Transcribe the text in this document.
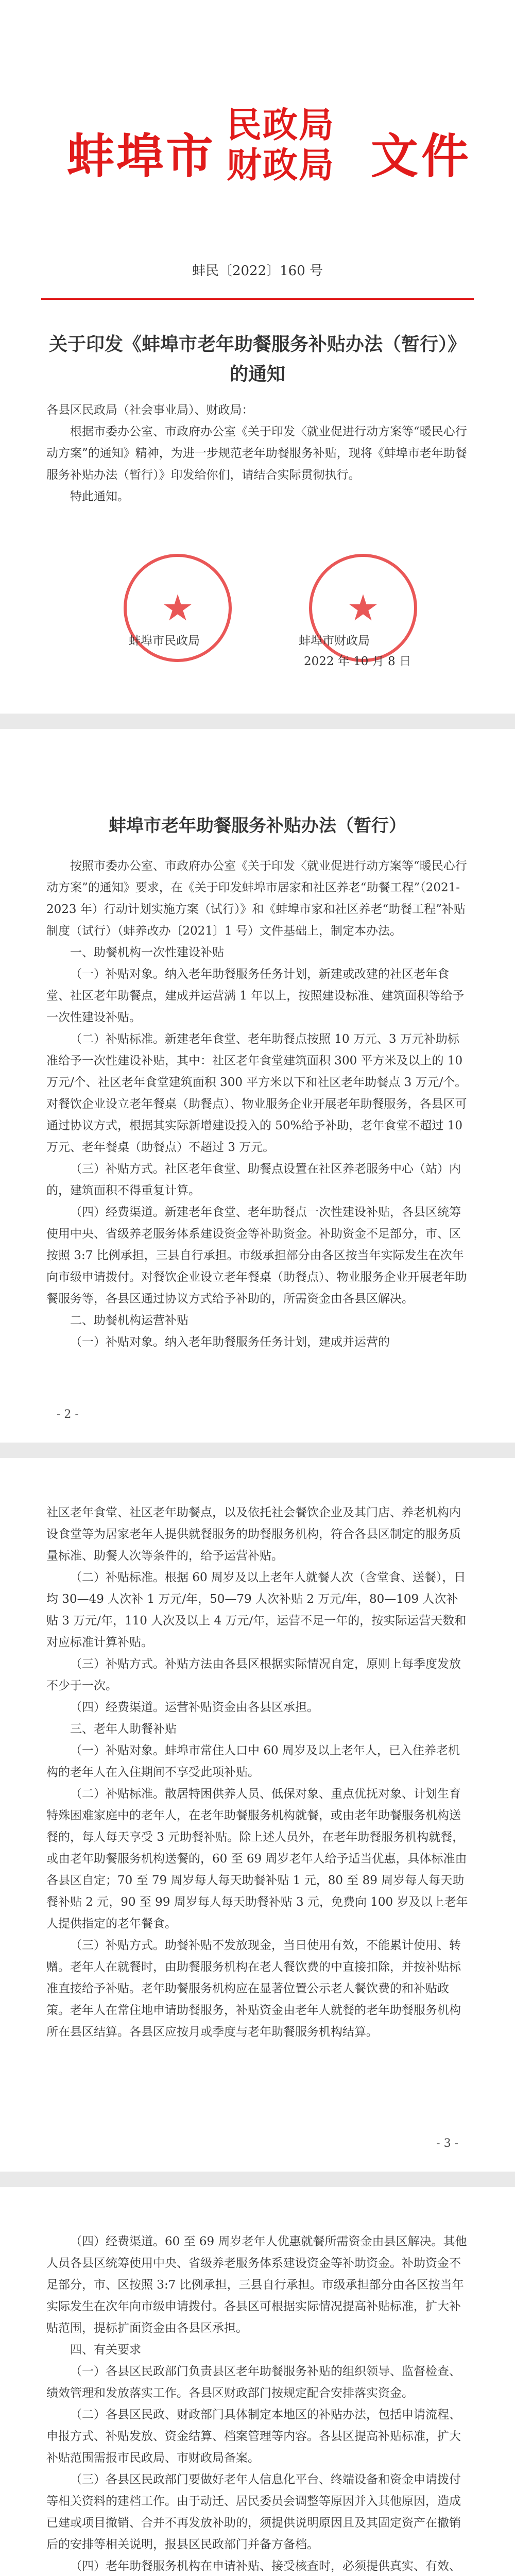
蚌埠市
民政局
财政局 文件
蚌民〔2022〕160 号
关于印发《蚌埠市老年助餐服务补贴办法（暂行）》
的通知

各县区民政局（社会事业局）、财政局：

根据市委办公室、市政府办公室《关于印发〈就业促进行动方案等“暖民心行动方案”的通知》精神，为进一步规范老年助餐服务补贴，现将《蚌埠市老年助餐服务补贴办法（暂行）》印发给你们，请结合实际贯彻执行。

特此通知。

★	★
蚌埠市民政局	蚌埠市财政局
2022 年 10 月 8 日
蚌埠市老年助餐服务补贴办法（暂行）

按照市委办公室、市政府办公室《关于印发〈就业促进行动方案等“暖民心行动方案”的通知》要求，在《关于印发蚌埠市居家和社区养老“助餐工程”（2021-2023 年）行动计划实施方案（试行）》和《蚌埠市家和社区养老“助餐工程”补贴制度（试行）（蚌养改办〔2021〕1 号）文件基础上，制定本办法。

一、助餐机构一次性建设补贴

（一）补贴对象。纳入老年助餐服务任务计划，新建或改建的社区老年食堂、社区老年助餐点，建成并运营满 1 年以上，按照建设标准、建筑面积等给予一次性建设补贴。

（二）补贴标准。新建老年食堂、老年助餐点按照 10 万元、3 万元补助标准给予一次性建设补贴，其中：社区老年食堂建筑面积 300 平方米及以上的 10 万元/个、社区老年食堂建筑面积 300 平方米以下和社区老年助餐点 3 万元/个。对餐饮企业设立老年餐桌（助餐点）、物业服务企业开展老年助餐服务，各县区可通过协议方式，根据其实际新增建设投入的 50%给予补助，老年食堂不超过 10 万元、老年餐桌（助餐点）不超过 3 万元。

（三）补贴方式。社区老年食堂、助餐点设置在社区养老服务中心（站）内的，建筑面积不得重复计算。

（四）经费渠道。新建老年食堂、老年助餐点一次性建设补贴，各县区统筹使用中央、省级养老服务体系建设资金等补助资金。补助资金不足部分，市、区按照 3:7 比例承担，三县自行承担。市级承担部分由各区按当年实际发生在次年向市级申请拨付。对餐饮企业设立老年餐桌（助餐点）、物业服务企业开展老年助餐服务等，各县区通过协议方式给予补助的，所需资金由各县区解决。

二、助餐机构运营补贴

（一）补贴对象。纳入老年助餐服务任务计划，建成并运营的

- 2 -

社区老年食堂、社区老年助餐点，以及依托社会餐饮企业及其门店、养老机构内设食堂等为居家老年人提供就餐服务的助餐服务机构，符合各县区制定的服务质量标准、助餐人次等条件的，给予运营补贴。

（二）补贴标准。根据 60 周岁及以上老年人就餐人次（含堂食、送餐），日均 30—49 人次补 1 万元/年，50—79 人次补贴 2 万元/年，80—109 人次补贴 3 万元/年，110 人次及以上 4 万元/年，运营不足一年的，按实际运营天数和对应标准计算补贴。

（三）补贴方式。补贴方法由各县区根据实际情况自定，原则上每季度发放不少于一次。

（四）经费渠道。运营补贴资金由各县区承担。

三、老年人助餐补贴

（一）补贴对象。蚌埠市常住人口中 60 周岁及以上老年人，已入住养老机构的老年人在入住期间不享受此项补贴。

（二）补贴标准。散居特困供养人员、低保对象、重点优抚对象、计划生育特殊困难家庭中的老年人，在老年助餐服务机构就餐，或由老年助餐服务机构送餐的，每人每天享受 3 元助餐补贴。除上述人员外，在老年助餐服务机构就餐，或由老年助餐服务机构送餐的，60 至 69 周岁老年人给予适当优惠，具体标准由各县区自定；70 至 79 周岁每人每天助餐补贴 1 元，80 至 89 周岁每人每天助餐补贴 2 元，90 至 99 周岁每人每天助餐补贴 3 元，免费向 100 岁及以上老年人提供指定的老年餐食。

（三）补贴方式。助餐补贴不发放现金，当日使用有效，不能累计使用、转赠。老年人在就餐时，由助餐服务机构在老人餐饮费的中直接扣除，并按补贴标准直接给予补贴。老年助餐服务机构应在显著位置公示老人餐饮费的和补贴政策。老年人在常住地申请助餐服务，补贴资金由老年人就餐的老年助餐服务机构所在县区结算。各县区应按月或季度与老年助餐服务机构结算。

- 3 -

（四）经费渠道。60 至 69 周岁老年人优惠就餐所需资金由县区解决。其他人员各县区统筹使用中央、省级养老服务体系建设资金等补助资金。补助资金不足部分，市、区按照 3:7 比例承担，三县自行承担。市级承担部分由各区按当年实际发生在次年向市级申请拨付。各县区可根据实际情况提高补贴标准，扩大补贴范围，提标扩面资金由各县区承担。

四、有关要求

（一）各县区民政部门负责县区老年助餐服务补贴的组织领导、监督检查、绩效管理和发放落实工作。各县区财政部门按规定配合安排落实资金。

（二）各县区民政、财政部门具体制定本地区的补贴办法，包括申请流程、申报方式、补贴发放、资金结算、档案管理等内容。各县区提高补贴标准，扩大补贴范围需报市民政局、市财政局备案。

（三）各县区民政部门要做好老年人信息化平台、终端设备和资金申请拨付等相关资料的建档工作。由于动迁、居民委员会调整等原因并入其他原因，造成已建或项目撤销、合并不再发放补助的，须提供说明原因且及其固定资产在撤销后的安排等相关说明，报县区民政部门并备方备档。

（四）老年助餐服务机构在申请补贴、接受核查时，必须提供真实、有效、
